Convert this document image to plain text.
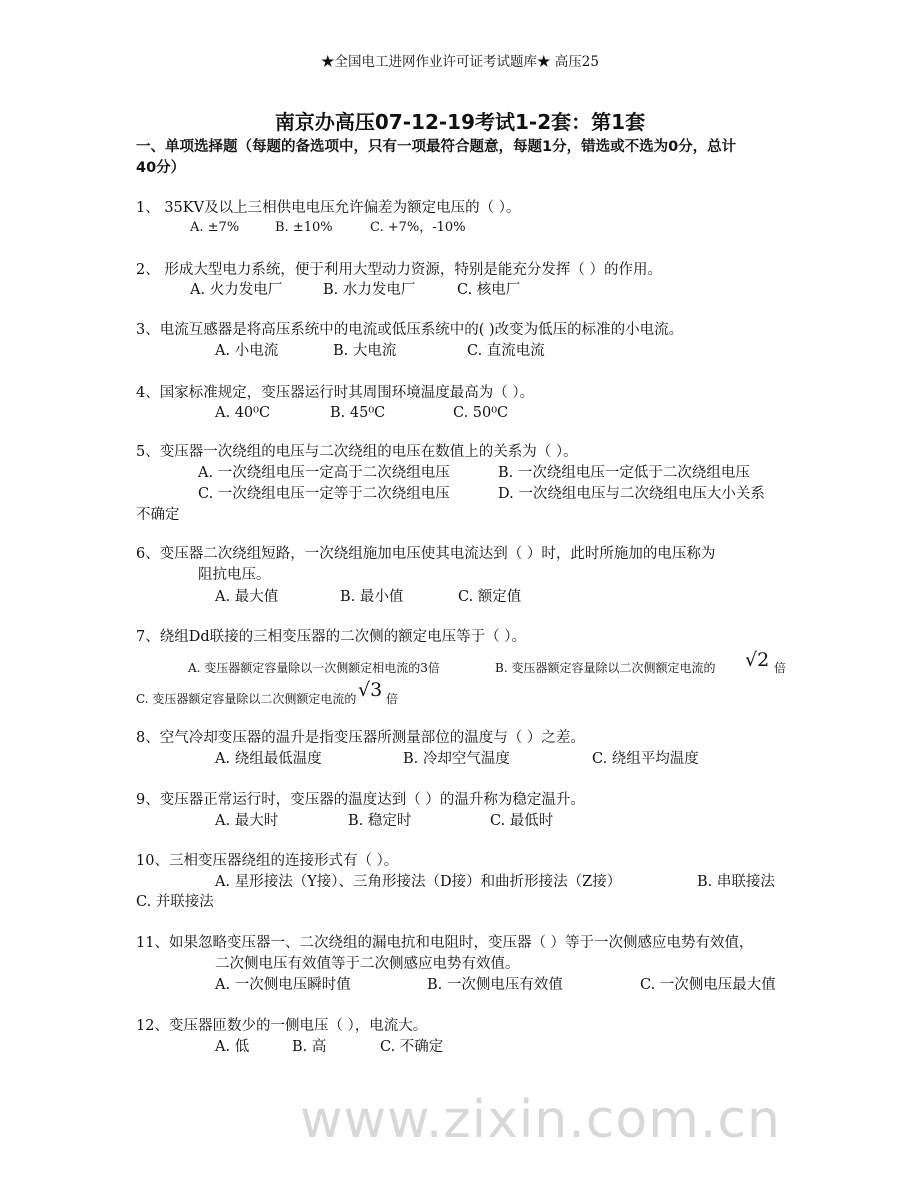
www.zixin.com.cn
★全国电工进网作业许可证考试题库★ 高压25
南京办高压07-12-19考试1-2套：第1套
一、单项选择题（每题的备选项中，只有一项最符合题意，每题1分，错选或不选为0分，总计
40分）
1、 35KV及以上三相供电电压允许偏差为额定电压的（ ）。
A. ±7%	B. ±10%	C. +7%，-10%
2、 形成大型电力系统，便于利用大型动力资源，特别是能充分发挥（ ）的作用。
A. 火力发电厂	B. 水力发电厂	C. 核电厂
3、电流互感器是将高压系统中的电流或低压系统中的( )改变为低压的标准的小电流。
A. 小电流	B. 大电流	C. 直流电流
4、国家标准规定，变压器运行时其周围环境温度最高为（ ）。
A. 40⁰C	B. 45⁰C	C. 50⁰C
5、变压器一次绕组的电压与二次绕组的电压在数值上的关系为（ ）。
A. 一次绕组电压一定高于二次绕组电压	B. 一次绕组电压一定低于二次绕组电压
C. 一次绕组电压一定等于二次绕组电压	D. 一次绕组电压与二次绕组电压大小关系
不确定
6、变压器二次绕组短路，一次绕组施加电压使其电流达到（ ）时，此时所施加的电压称为
阻抗电压。
A. 最大值	B. 最小值	C. 额定值
7、绕组Dd联接的三相变压器的二次侧的额定电压等于（ ）。
A. 变压器额定容量除以一次侧额定相电流的3倍	B. 变压器额定容量除以二次侧额定电流的 √2 倍
C. 变压器额定容量除以二次侧额定电流的 √3 倍
8、空气冷却变压器的温升是指变压器所测量部位的温度与（ ）之差。
A. 绕组最低温度	B. 冷却空气温度	C. 绕组平均温度
9、变压器正常运行时，变压器的温度达到（ ）的温升称为稳定温升。
A. 最大时	B. 稳定时	C. 最低时
10、三相变压器绕组的连接形式有（ ）。
A. 星形接法（Y接）、三角形接法（D接）和曲折形接法（Z接）	B. 串联接法
C. 并联接法
11、如果忽略变压器一、二次绕组的漏电抗和电阻时，变压器（ ）等于一次侧感应电势有效值，
二次侧电压有效值等于二次侧感应电势有效值。
A. 一次侧电压瞬时值	B. 一次侧电压有效值	C. 一次侧电压最大值
12、变压器匝数少的一侧电压（ ），电流大。
A. 低	B. 高	C. 不确定
